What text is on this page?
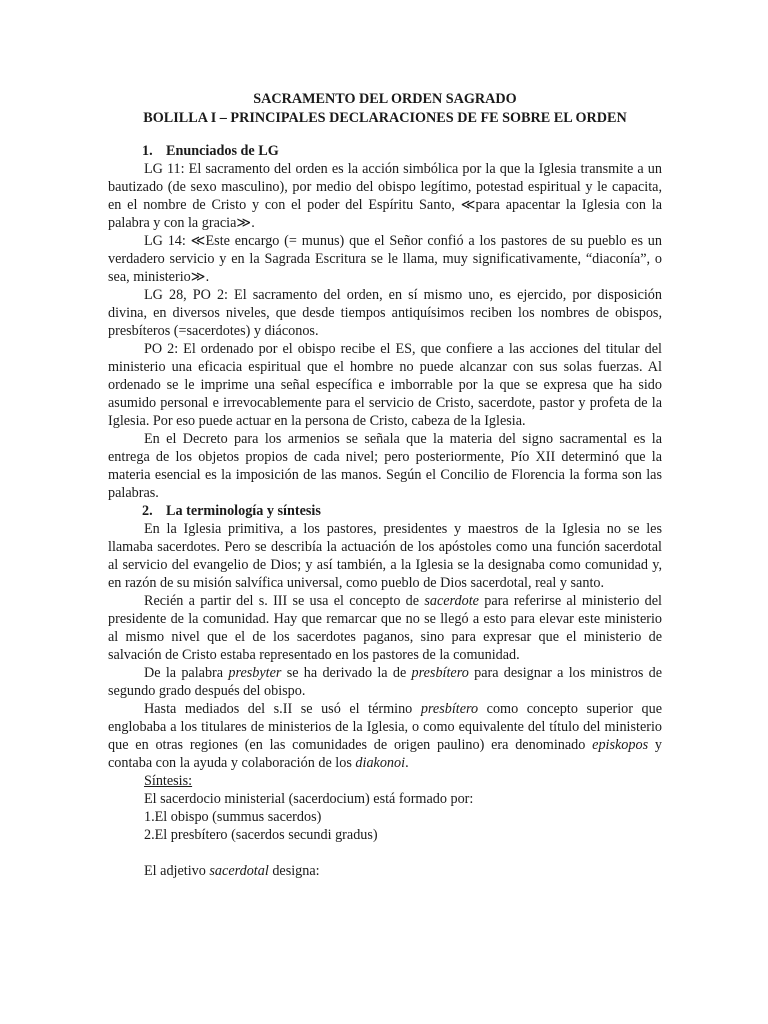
SACRAMENTO DEL ORDEN SAGRADO

BOLILLA I – PRINCIPALES DECLARACIONES DE FE SOBRE EL ORDEN

1. Enunciados de LG

LG 11: El sacramento del orden es la acción simbólica por la que la Iglesia transmite a un bautizado (de sexo masculino), por medio del obispo legítimo, potestad espiritual y le capacita, en el nombre de Cristo y con el poder del Espíritu Santo, ≪para apacentar la Iglesia con la palabra y con la gracia≫.

LG 14: ≪Este encargo (= munus) que el Señor confió a los pastores de su pueblo es un verdadero servicio y en la Sagrada Escritura se le llama, muy significativamente, “diaconía”, o sea, ministerio≫.

LG 28, PO 2: El sacramento del orden, en sí mismo uno, es ejercido, por disposición divina, en diversos niveles, que desde tiempos antiquísimos reciben los nombres de obispos, presbíteros (=sacerdotes) y diáconos.

PO 2: El ordenado por el obispo recibe el ES, que confiere a las acciones del titular del ministerio una eficacia espiritual que el hombre no puede alcanzar con sus solas fuerzas. Al ordenado se le imprime una señal específica e imborrable por la que se expresa que ha sido asumido personal e irrevocablemente para el servicio de Cristo, sacerdote, pastor y profeta de la Iglesia. Por eso puede actuar en la persona de Cristo, cabeza de la Iglesia.

En el Decreto para los armenios se señala que la materia del signo sacramental es la entrega de los objetos propios de cada nivel; pero posteriormente, Pío XII determinó que la materia esencial es la imposición de las manos. Según el Concilio de Florencia la forma son las palabras.

2. La terminología y síntesis

En la Iglesia primitiva, a los pastores, presidentes y maestros de la Iglesia no se les llamaba sacerdotes. Pero se describía la actuación de los apóstoles como una función sacerdotal al servicio del evangelio de Dios; y así también, a la Iglesia se la designaba como comunidad y, en razón de su misión salvífica universal, como pueblo de Dios sacerdotal, real y santo.

Recién a partir del s. III se usa el concepto de sacerdote para referirse al ministerio del presidente de la comunidad. Hay que remarcar que no se llegó a esto para elevar este ministerio al mismo nivel que el de los sacerdotes paganos, sino para expresar que el ministerio de salvación de Cristo estaba representado en los pastores de la comunidad.

De la palabra presbyter se ha derivado la de presbítero para designar a los ministros de segundo grado después del obispo.

Hasta mediados del s.II se usó el término presbítero como concepto superior que englobaba a los titulares de ministerios de la Iglesia, o como equivalente del título del ministerio que en otras regiones (en las comunidades de origen paulino) era denominado episkopos y contaba con la ayuda y colaboración de los diakonoi.

Síntesis:

El sacerdocio ministerial (sacerdocium) está formado por:

1.El obispo (summus sacerdos)

2.El presbítero (sacerdos secundi gradus)

El adjetivo sacerdotal designa:
